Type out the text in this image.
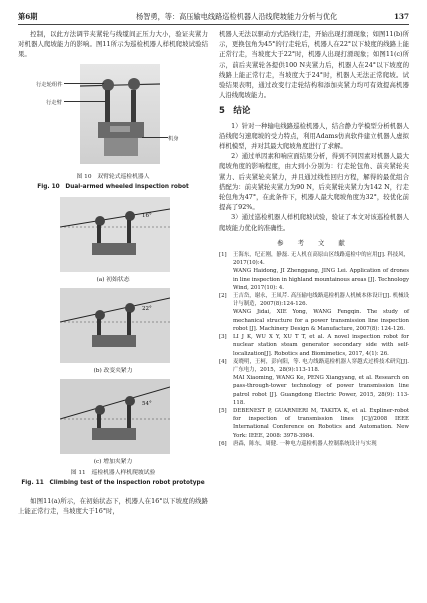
第6期	杨智勇，等：高压输电线路巡检机器人沿线爬坡能力分析与优化	137

控制，以此方法调节夹紧轮与线缆间正压力大小，验证夹紧力对机器人爬坡能力的影响。图11所示为巡检机器人样机爬坡试验结果。

行走轮组件
行走臂
机身
图 10　双臂轮式巡检机器人
Fig. 10　Dual-armed wheeled inspection robot
16°
(a) 初始状态
22°
(b) 改变夹紧力
54°
(c) 增加夹紧力
图 11　巡检机器人样机爬坡试验
Fig. 11　Climbing test of the inspection robot prototype

如图11(a)所示，在初始状态下，机器人在16°以下坡度的线路上能正常行走，当坡度大于16°时，

机器人无法以驱动方式沿线行走，开始出现打滑现象；如图11(b)所示，更换包角为45°的行走轮后，机器人在22°以下坡度的线路上能正常行走，当坡度大于22°时，机器人出现打滑现象；如图11(c)所示，前后夹紧轮各提供100 N夹紧力后，机器人在24°以下坡度的线路上能正常行走，当坡度大于24°时，机器人无法正常爬坡。试验结果表明，通过改变行走轮结构和添加夹紧力均可有效提高机器人沿线爬坡能力。

5　结论

1）针对一种输电线路巡检机器人，结合静力学模型分析机器人沿线爬匀速爬坡的受力特点，利用Adams仿真软件建立机器人虚拟样机模型，并对其最大爬坡角度进行了求解。

2）通过单因素和响应面结果分析，得到不同因素对机器人最大爬坡角度的影响程度，由大到小分别为：行走轮包角、前夹紧轮夹紧力、后夹紧轮夹紧力，并且通过线性回归方程，解得的最优组合搭配为：前夹紧轮夹紧力为90 N，后夹紧轮夹紧力为142 N，行走轮包角为47°，在此条件下，机器人最大爬坡角度为32°，较优化前提高了92%。

3）通过巡检机器人样机爬坡试验，验证了本文对该巡检机器人爬坡能力优化的准确性。

参 考 文 献
[1]	王海东，纪正刚，静磊. 无人机在高原山区线路巡检中的应用[J]. 科技风，2017(10):4.
WANG Haidong, JI Zhenggang, JING Lei. Application of drones in line inspection in highland mountainous areas [J]. Technology Wind, 2017(10): 4.
[2]	王吉岱，谢永，王凤芹. 高压输电线路巡检机器人机械本体设计[J]. 机械设计与制造，2007(8):124-126.
WANG Jidai, XIE Yong, WANG Fengqin. The study of mechanical structure for a power transmission line inspection robot [J]. Machinery Design & Manufacture, 2007(8): 124-126.
[3]	LI J K, WU X Y, XU T T, et al. A novel inspection robot for nuclear station steam generator secondary side with self-localization[J]. Robotics and Biomimetics, 2017, 4(1): 26.
[4]	麦晓明，王柯，彭向阳，等. 电力线路巡检机器人穿越式过桥技术研究[J]. 广东电力，2015，28(9):113-118.
MAI Xiaoming, WANG Ke, PENG Xiangyang, et al. Research on pass-through-tower technology of power transmission line patrol robot [J]. Guangdong Electric Power, 2015, 28(9): 113-118.
[5]	DEBENEST P, GUARNIERI M, TAKITA K, et al. Expliner-robot for inspection of transmission lines [C]//2008 IEEE International Conference on Robotics and Automation. New York: IEEE, 2008: 3978-3984.
[6]	唐森，陈东，周健. 一种电力巡检机器人控制系统设计与实现
